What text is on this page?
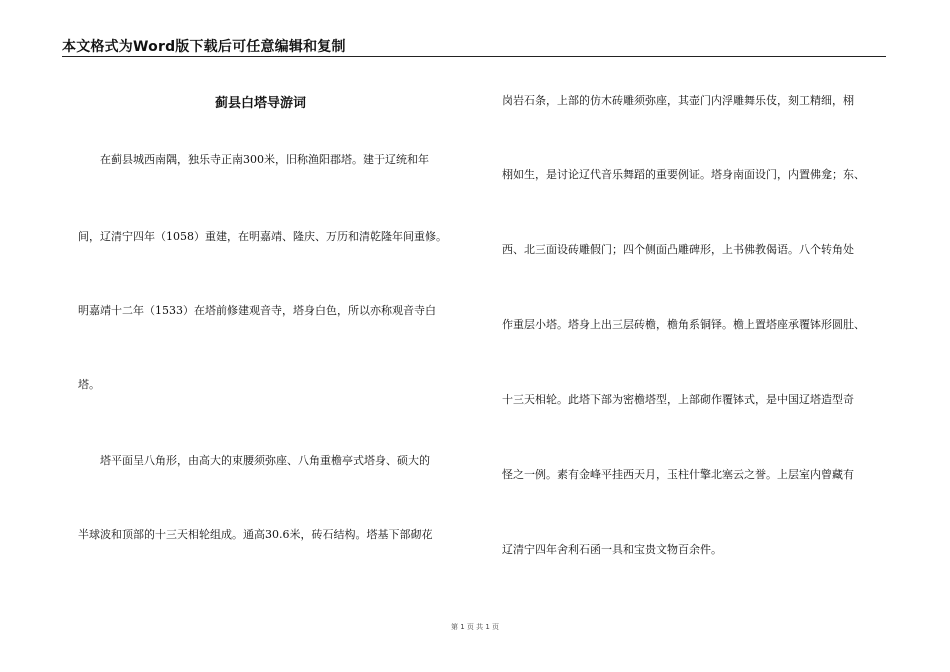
本文格式为Word版下载后可任意编辑和复制
蓟县白塔导游词
　　在蓟县城西南隅，独乐寺正南300米，旧称渔阳郡塔。建于辽统和年
间，辽清宁四年（1058）重建，在明嘉靖、隆庆、万历和清乾隆年间重修。
明嘉靖十二年（1533）在塔前修建观音寺，塔身白色，所以亦称观音寺白
塔。
　　塔平面呈八角形，由高大的束腰须弥座、八角重檐亭式塔身、硕大的
半球波和顶部的十三天相轮组成。通高30.6米，砖石结构。塔基下部砌花
岗岩石条，上部的仿木砖雕须弥座，其壶门内浮雕舞乐伎，刻工精细，栩
栩如生，是讨论辽代音乐舞蹈的重要例证。塔身南面设门，内置佛龛；东、
西、北三面设砖雕假门；四个侧面凸雕碑形，上书佛教偈语。八个转角处
作重层小塔。塔身上出三层砖檐，檐角系铜铎。檐上置塔座承覆钵形圆肚、
十三天相轮。此塔下部为密檐塔型，上部砌作覆钵式，是中国辽塔造型奇
怪之一例。素有金峰平挂西天月，玉柱什擎北塞云之誉。上层室内曾藏有
辽清宁四年舍利石函一具和宝贵文物百余件。
第 1 页 共 1 页
